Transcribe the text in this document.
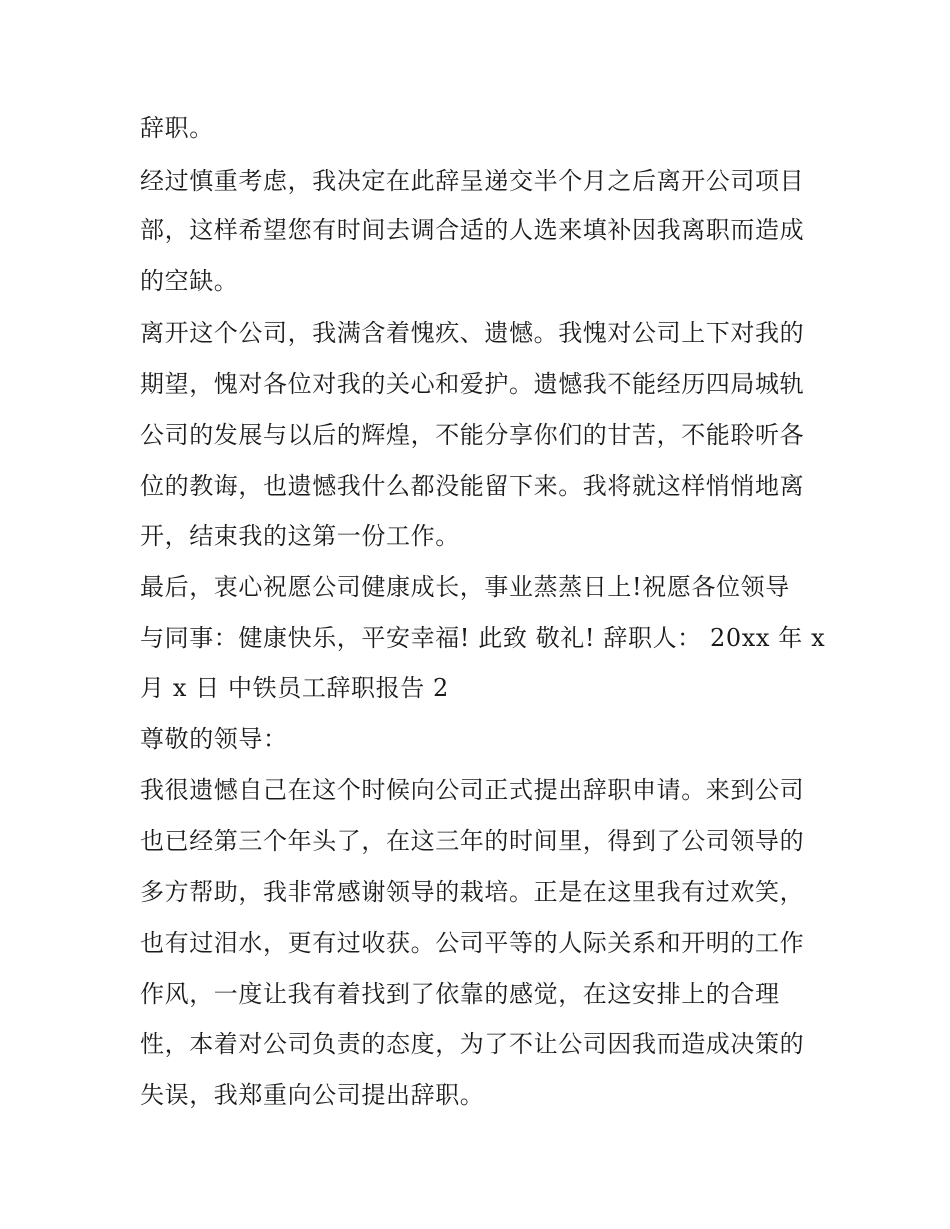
辞职。
经过慎重考虑，我决定在此辞呈递交半个月之后离开公司项目
部，这样希望您有时间去调合适的人选来填补因我离职而造成
的空缺。
离开这个公司，我满含着愧疚、遗憾。我愧对公司上下对我的
期望，愧对各位对我的关心和爱护。遗憾我不能经历四局城轨
公司的发展与以后的辉煌，不能分享你们的甘苦，不能聆听各
位的教诲，也遗憾我什么都没能留下来。我将就这样悄悄地离
开，结束我的这第一份工作。
最后，衷心祝愿公司健康成长，事业蒸蒸日上!祝愿各位领导
与同事：健康快乐，平安幸福! 此致 敬礼! 辞职人： 20xx 年 x
月 x 日 中铁员工辞职报告 2
尊敬的领导：
我很遗憾自己在这个时候向公司正式提出辞职申请。来到公司
也已经第三个年头了，在这三年的时间里，得到了公司领导的
多方帮助，我非常感谢领导的栽培。正是在这里我有过欢笑，
也有过泪水，更有过收获。公司平等的人际关系和开明的工作
作风，一度让我有着找到了依靠的感觉，在这安排上的合理
性，本着对公司负责的态度，为了不让公司因我而造成决策的
失误，我郑重向公司提出辞职。
